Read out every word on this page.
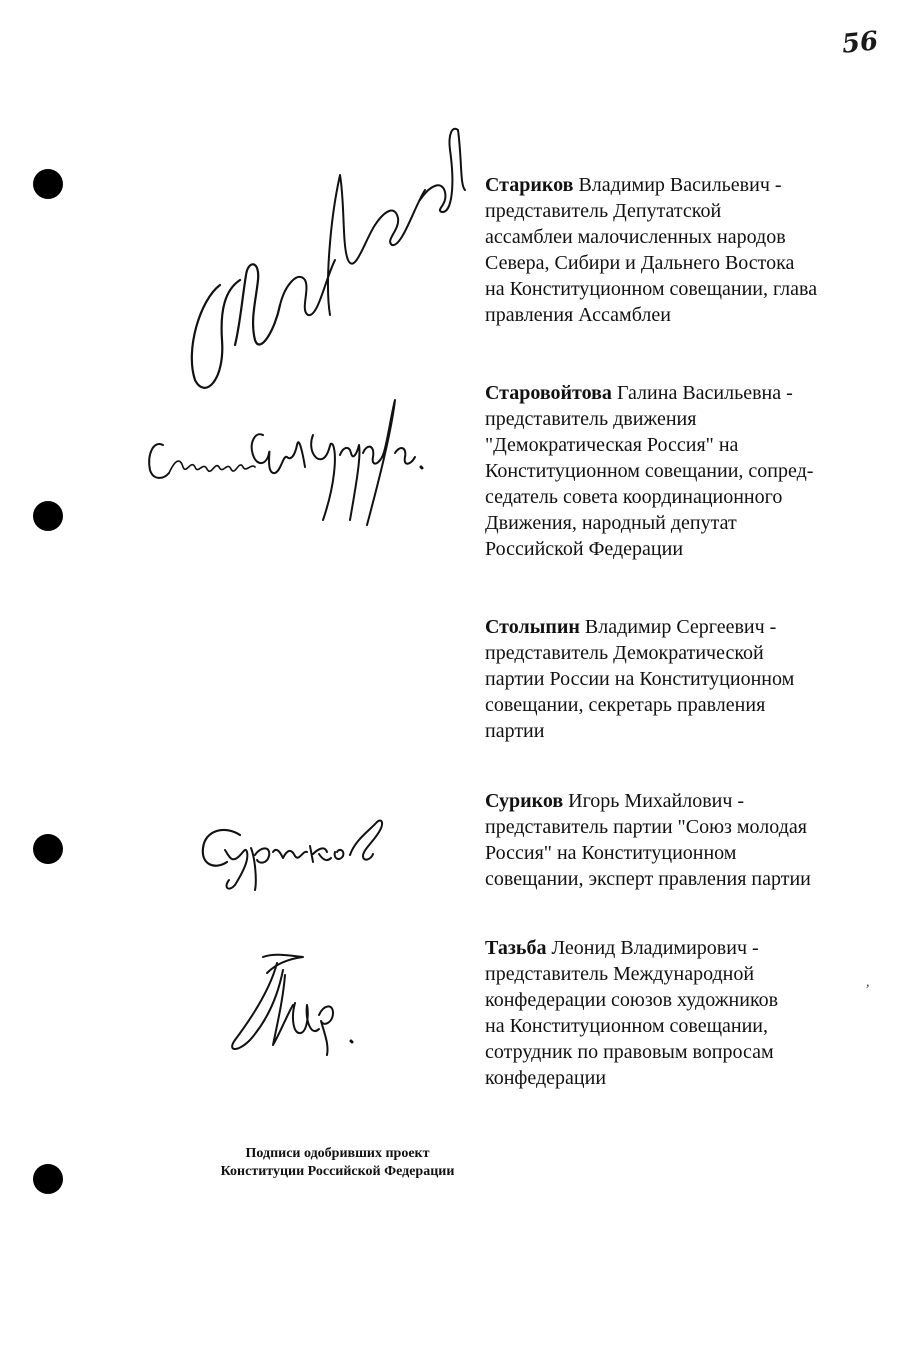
56
Стариков Владимир Васильевич -
представитель Депутатской
ассамблеи малочисленных народов
Севера, Сибири и Дальнего Востока
на Конституционном совещании, глава
правления Ассамблеи
Старовойтова Галина Васильевна -
представитель движения
"Демократическая Россия" на
Конституционном совещании, сопред-
седатель совета координационного
Движения, народный депутат
Российской Федерации
Столыпин Владимир Сергеевич -
представитель Демократической
партии России на Конституционном
совещании, секретарь правления
партии
Суриков Игорь Михайлович -
представитель партии "Союз молодая
Россия" на Конституционном
совещании, эксперт правления партии
Тазьба Леонид Владимирович -
представитель Международной
конфедерации союзов художников
на Конституционном совещании,
сотрудник по правовым вопросам
конфедерации
Подписи одобривших проект
Конституции Российской Федерации
,
